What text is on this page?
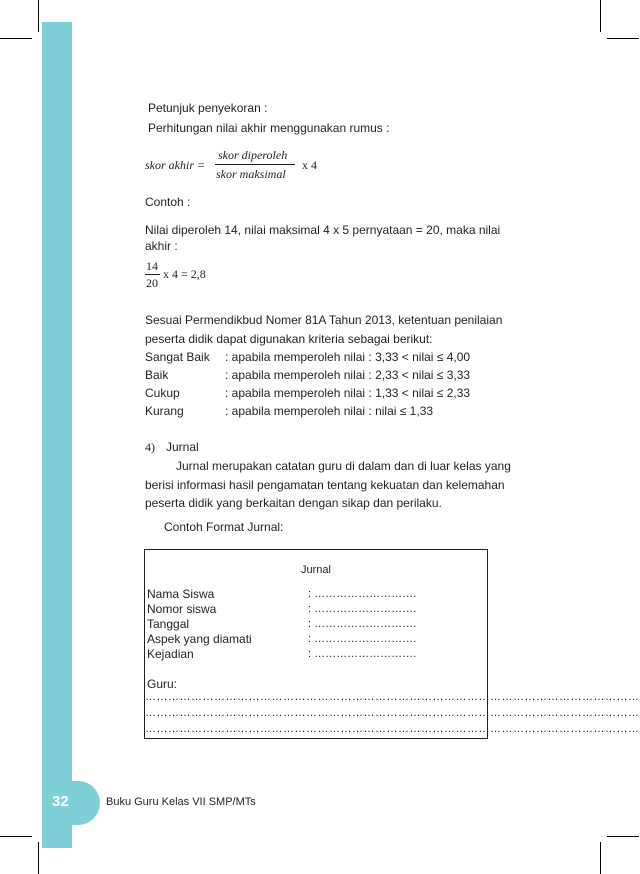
Petunjuk penyekoran :
Perhitungan nilai akhir menggunakan rumus :
skor akhir =
skor diperoleh
skor maksimal
x 4
Contoh :
Nilai diperoleh 14, nilai maksimal 4 x 5 pernyataan = 20, maka nilai
akhir :
14
20
x 4 = 2,8
Sesuai Permendikbud Nomer 81A Tahun 2013, ketentuan penilaian
peserta didik dapat digunakan kriteria sebagai berikut:
Sangat Baik : apabila memperoleh nilai : 3,33 < nilai ≤ 4,00
Baik	: apabila memperoleh nilai : 2,33 < nilai ≤ 3,33
Cukup	: apabila memperoleh nilai : 1,33 < nilai ≤ 2,33
Kurang	: apabila memperoleh nilai : nilai ≤ 1,33
4) Jurnal
Jurnal merupakan catatan guru di dalam dan di luar kelas yang
berisi informasi hasil pengamatan tentang kekuatan dan kelemahan
peserta didik yang berkaitan dengan sikap dan perilaku.
Contoh Format Jurnal:
Jurnal
Nama Siswa	: ……………………….
Nomor siswa	: ……………………….
Tanggal	: ……………………….
Aspek yang diamati	: ……………………….
Kejadian	: ……………………….
Guru:
…………………………………………………………………………………………………………………
…………………………………………………………………………………………………………………
…………………………………………………………………………………………………………………
32	Buku Guru Kelas VII SMP/MTs
